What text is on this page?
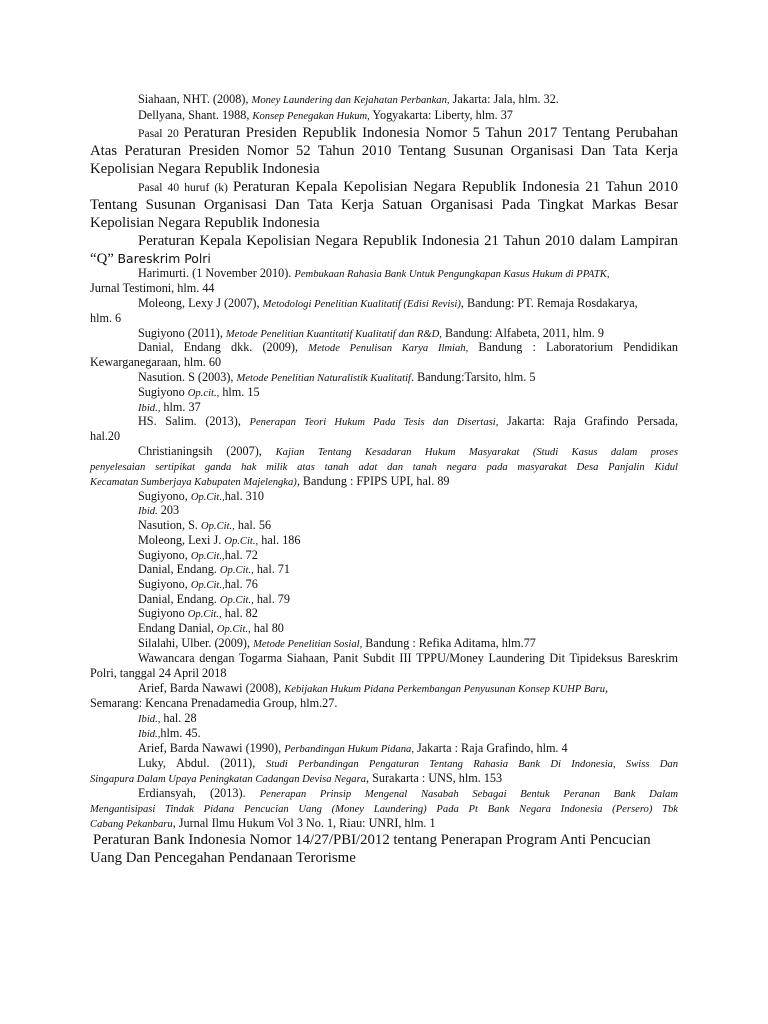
Siahaan, NHT. (2008), Money Laundering dan Kejahatan Perbankan, Jakarta: Jala, hlm. 32.
Dellyana, Shant. 1988, Konsep Penegakan Hukum, Yogyakarta: Liberty, hlm. 37
Pasal 20 Peraturan Presiden Republik Indonesia Nomor 5 Tahun 2017 Tentang Perubahan
Atas Peraturan Presiden Nomor 52 Tahun 2010 Tentang Susunan Organisasi Dan Tata Kerja
Kepolisian Negara Republik Indonesia
Pasal 40 huruf (k) Peraturan Kepala Kepolisian Negara Republik Indonesia 21 Tahun 2010
Tentang Susunan Organisasi Dan Tata Kerja Satuan Organisasi Pada Tingkat Markas Besar
Kepolisian Negara Republik Indonesia
Peraturan Kepala Kepolisian Negara Republik Indonesia 21 Tahun 2010 dalam Lampiran
“Q” Bareskrim Polri
Harimurti. (1 November 2010). Pembukaan Rahasia Bank Untuk Pengungkapan Kasus Hukum di PPATK,
Jurnal Testimoni, hlm. 44
Moleong, Lexy J (2007), Metodologi Penelitian Kualitatif (Edisi Revisi), Bandung: PT. Remaja Rosdakarya,
hlm. 6
Sugiyono (2011), Metode Penelitian Kuantitatif Kualitatif dan R&D, Bandung: Alfabeta, 2011, hlm. 9
Danial, Endang dkk. (2009), Metode Penulisan Karya Ilmiah, Bandung : Laboratorium Pendidikan
Kewarganegaraan, hlm. 60
Nasution. S (2003), Metode Penelitian Naturalistik Kualitatif. Bandung:Tarsito, hlm. 5
Sugiyono Op.cit., hlm. 15
Ibid., hlm. 37
HS. Salim. (2013), Penerapan Teori Hukum Pada Tesis dan Disertasi, Jakarta: Raja Grafindo Persada,
hal.20
Christianingsih (2007), Kajian Tentang Kesadaran Hukum Masyarakat (Studi Kasus dalam proses
penyelesaian sertipikat ganda hak milik atas tanah adat dan tanah negara pada masyarakat Desa Panjalin Kidul
Kecamatan Sumberjaya Kabupaten Majelengka), Bandung : FPIPS UPI, hal. 89
Sugiyono, Op.Cit.,hal. 310
Ibid. 203
Nasution, S. Op.Cit., hal. 56
Moleong, Lexi J. Op.Cit., hal. 186
Sugiyono, Op.Cit.,hal. 72
Danial, Endang. Op.Cit., hal. 71
Sugiyono, Op.Cit.,hal. 76
Danial, Endang. Op.Cit., hal. 79
Sugiyono Op.Cit., hal. 82
Endang Danial, Op.Cit., hal 80
Silalahi, Ulber. (2009), Metode Penelitian Sosial, Bandung : Refika Aditama, hlm.77
Wawancara dengan Togarma Siahaan, Panit Subdit III TPPU/Money Laundering Dit Tipideksus Bareskrim
Polri, tanggal 24 April 2018
Arief, Barda Nawawi (2008), Kebijakan Hukum Pidana Perkembangan Penyusunan Konsep KUHP Baru,
Semarang: Kencana Prenadamedia Group, hlm.27.
Ibid., hal. 28
Ibid.,hlm. 45.
Arief, Barda Nawawi (1990), Perbandingan Hukum Pidana, Jakarta : Raja Grafindo, hlm. 4
Luky, Abdul. (2011), Studi Perbandingan Pengaturan Tentang Rahasia Bank Di Indonesia, Swiss Dan
Singapura Dalam Upaya Peningkatan Cadangan Devisa Negara, Surakarta : UNS, hlm. 153
Erdiansyah, (2013). Penerapan Prinsip Mengenal Nasabah Sebagai Bentuk Peranan Bank Dalam
Mengantisipasi Tindak Pidana Pencucian Uang (Money Laundering) Pada Pt Bank Negara Indonesia (Persero) Tbk
Cabang Pekanbaru, Jurnal Ilmu Hukum Vol 3 No. 1, Riau: UNRI, hlm. 1
Peraturan Bank Indonesia Nomor 14/27/PBI/2012 tentang Penerapan Program Anti Pencucian
Uang Dan Pencegahan Pendanaan Terorisme
